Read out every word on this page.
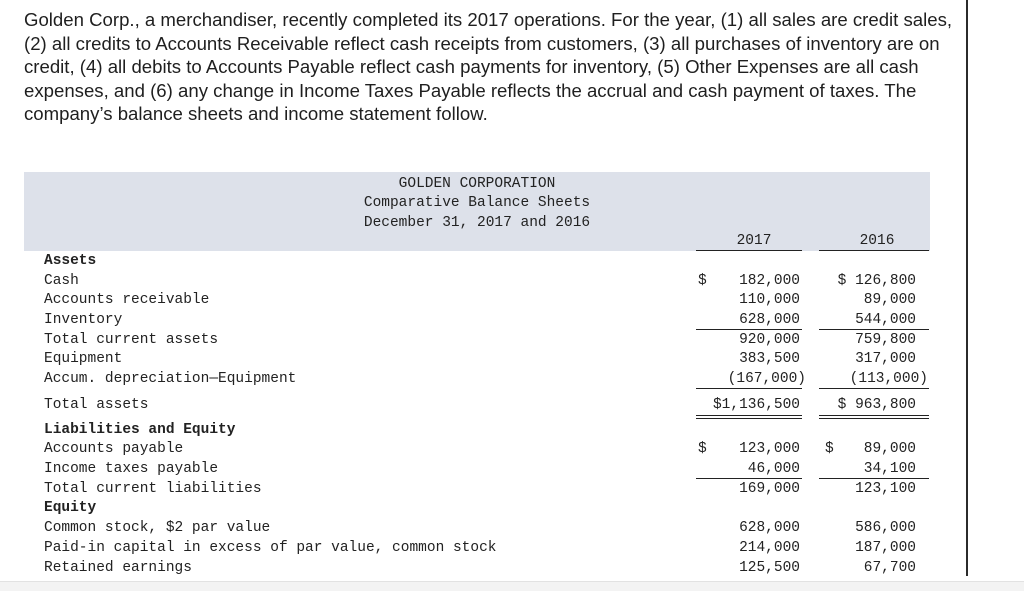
Golden Corp., a merchandiser, recently completed its 2017 operations. For the year, (1) all sales are credit sales, (2) all credits to Accounts Receivable reflect cash receipts from customers, (3) all purchases of inventory are on credit, (4) all debits to Accounts Payable reflect cash payments for inventory, (5) Other Expenses are all cash expenses, and (6) any change in Income Taxes Payable reflects the accrual and cash payment of taxes. The company’s balance sheets and income statement follow.
GOLDEN CORPORATION
Comparative Balance Sheets
December 31, 2017 and 2016
2017	2016
Assets
Cash	$ 182,000	$ 126,800
Accounts receivable	110,000	89,000
Inventory	628,000	544,000
Total current assets	920,000	759,800
Equipment	383,500	317,000
Accum. depreciation—Equipment	(167,000)	(113,000)
Total assets	$1,136,500	$ 963,800
Liabilities and Equity
Accounts payable	$ 123,000 $ 89,000
Income taxes payable	46,000	34,100
Total current liabilities	169,000	123,100
Equity
Common stock, $2 par value	628,000	586,000
Paid-in capital in excess of par value, common stock	214,000	187,000
Retained earnings	125,500	67,700
